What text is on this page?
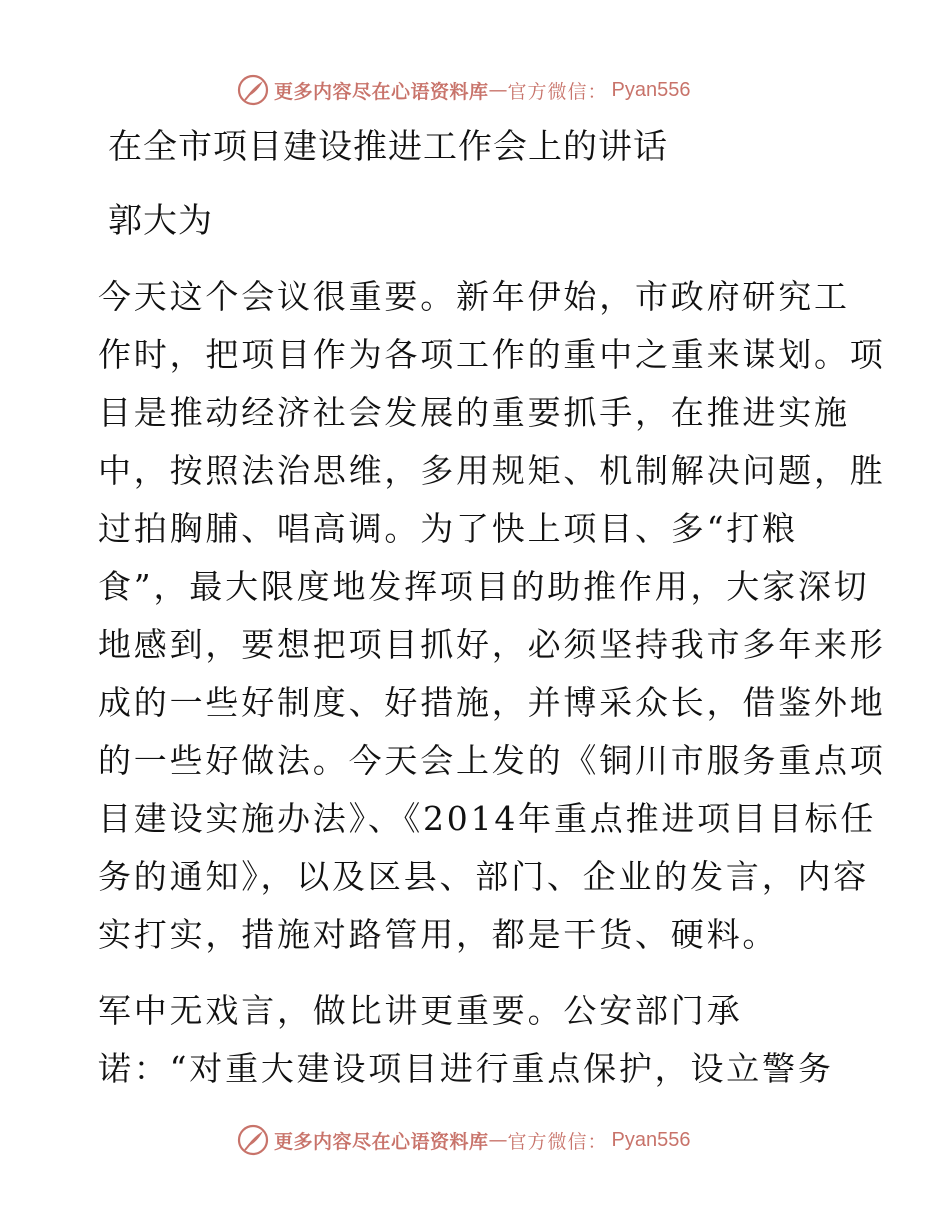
更多内容尽在心语资料库 — 官方微信： Pyan556
在全市项目建设推进工作会上的讲话
郭大为
今天这个会议很重要。新年伊始，市政府研究工
作时，把项目作为各项工作的重中之重来谋划。项
目是推动经济社会发展的重要抓手，在推进实施
中，按照法治思维，多用规矩、机制解决问题，胜
过拍胸脯、唱高调。为了快上项目、多“打粮
食”，最大限度地发挥项目的助推作用，大家深切
地感到，要想把项目抓好，必须坚持我市多年来形
成的一些好制度、好措施，并博采众长，借鉴外地
的一些好做法。今天会上发的《铜川市服务重点项
目建设实施办法》、《2014年重点推进项目目标任
务的通知》，以及区县、部门、企业的发言，内容
实打实，措施对路管用，都是干货、硬料。
军中无戏言，做比讲更重要。公安部门承
诺：“对重大建设项目进行重点保护，设立警务
更多内容尽在心语资料库 — 官方微信： Pyan556
